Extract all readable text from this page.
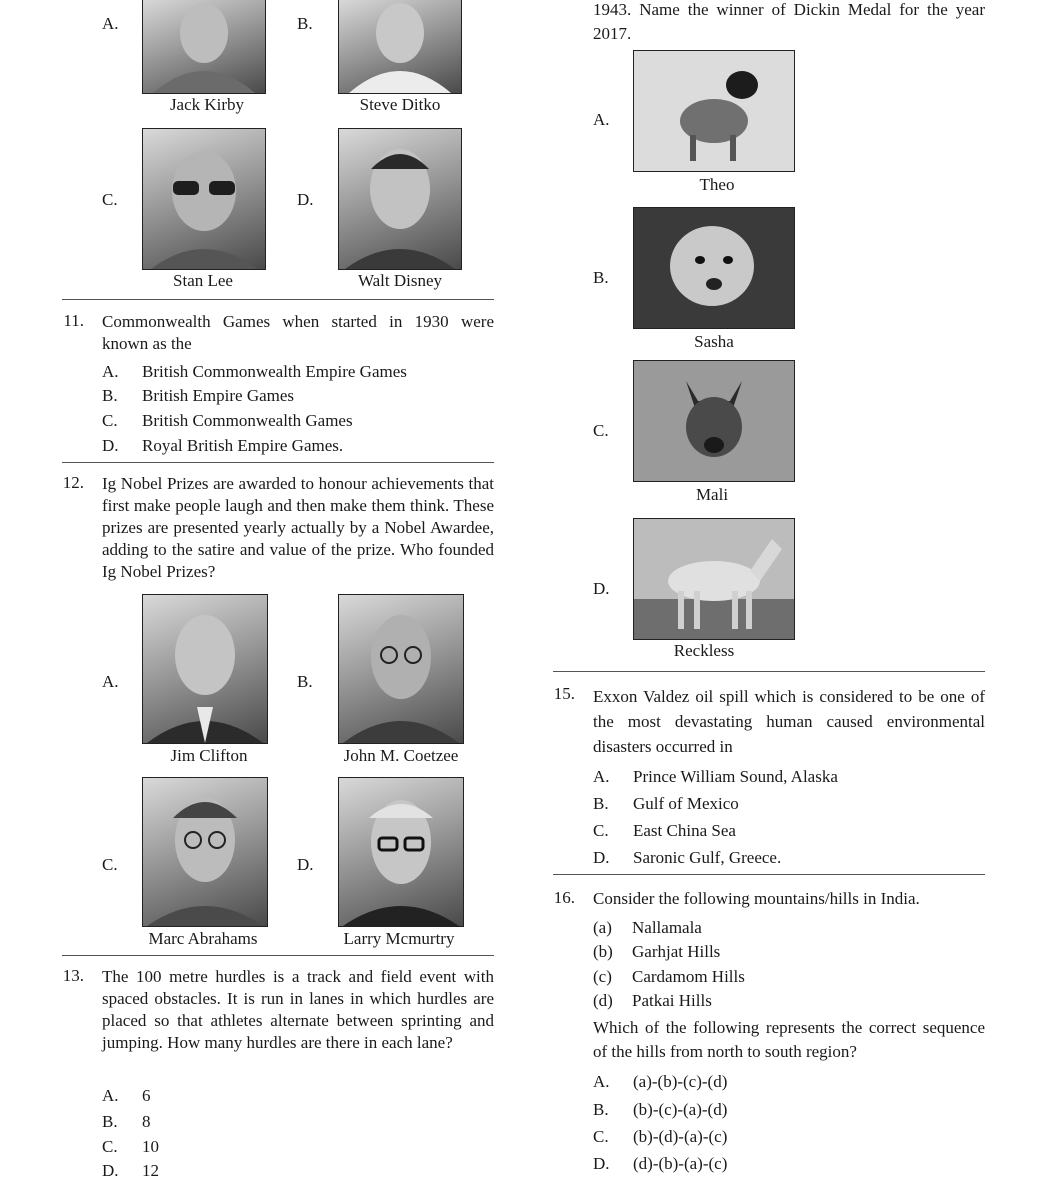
A.	B.
Jack Kirby	Steve Ditko
C.	D.
Stan Lee	Walt Disney
11. Commonwealth Games when started in 1930 were known as the
A. British Commonwealth Empire Games
B. British Empire Games
C. British Commonwealth Games
D. Royal British Empire Games.
12. Ig Nobel Prizes are awarded to honour achievements that first make people laugh and then make them think. These prizes are presented yearly actually by a Nobel Awardee, adding to the satire and value of the prize. Who founded Ig Nobel Prizes?
A.	B.
Jim Clifton	John M. Coetzee
C.	D.
Marc Abrahams	Larry Mcmurtry
13. The 100 metre hurdles is a track and field event with spaced obstacles. It is run in lanes in which hurdles are placed so that athletes alternate between sprinting and jumping. How many hurdles are there in each lane?
A. 6
B. 8
C. 10
D. 12
1943. Name the winner of Dickin Medal for the year 2017.
A.
Theo
B.
Sasha
C.
Mali
D.
Reckless
15. Exxon Valdez oil spill which is considered to be one of the most devastating human caused environmental disasters occurred in
A. Prince William Sound, Alaska
B. Gulf of Mexico
C. East China Sea
D. Saronic Gulf, Greece.
16. Consider the following mountains/hills in India.
(a) Nallamala
(b) Garhjat Hills
(c) Cardamom Hills
(d) Patkai Hills
Which of the following represents the correct sequence of the hills from north to south region?
A. (a)-(b)-(c)-(d)
B. (b)-(c)-(a)-(d)
C. (b)-(d)-(a)-(c)
D. (d)-(b)-(a)-(c)
